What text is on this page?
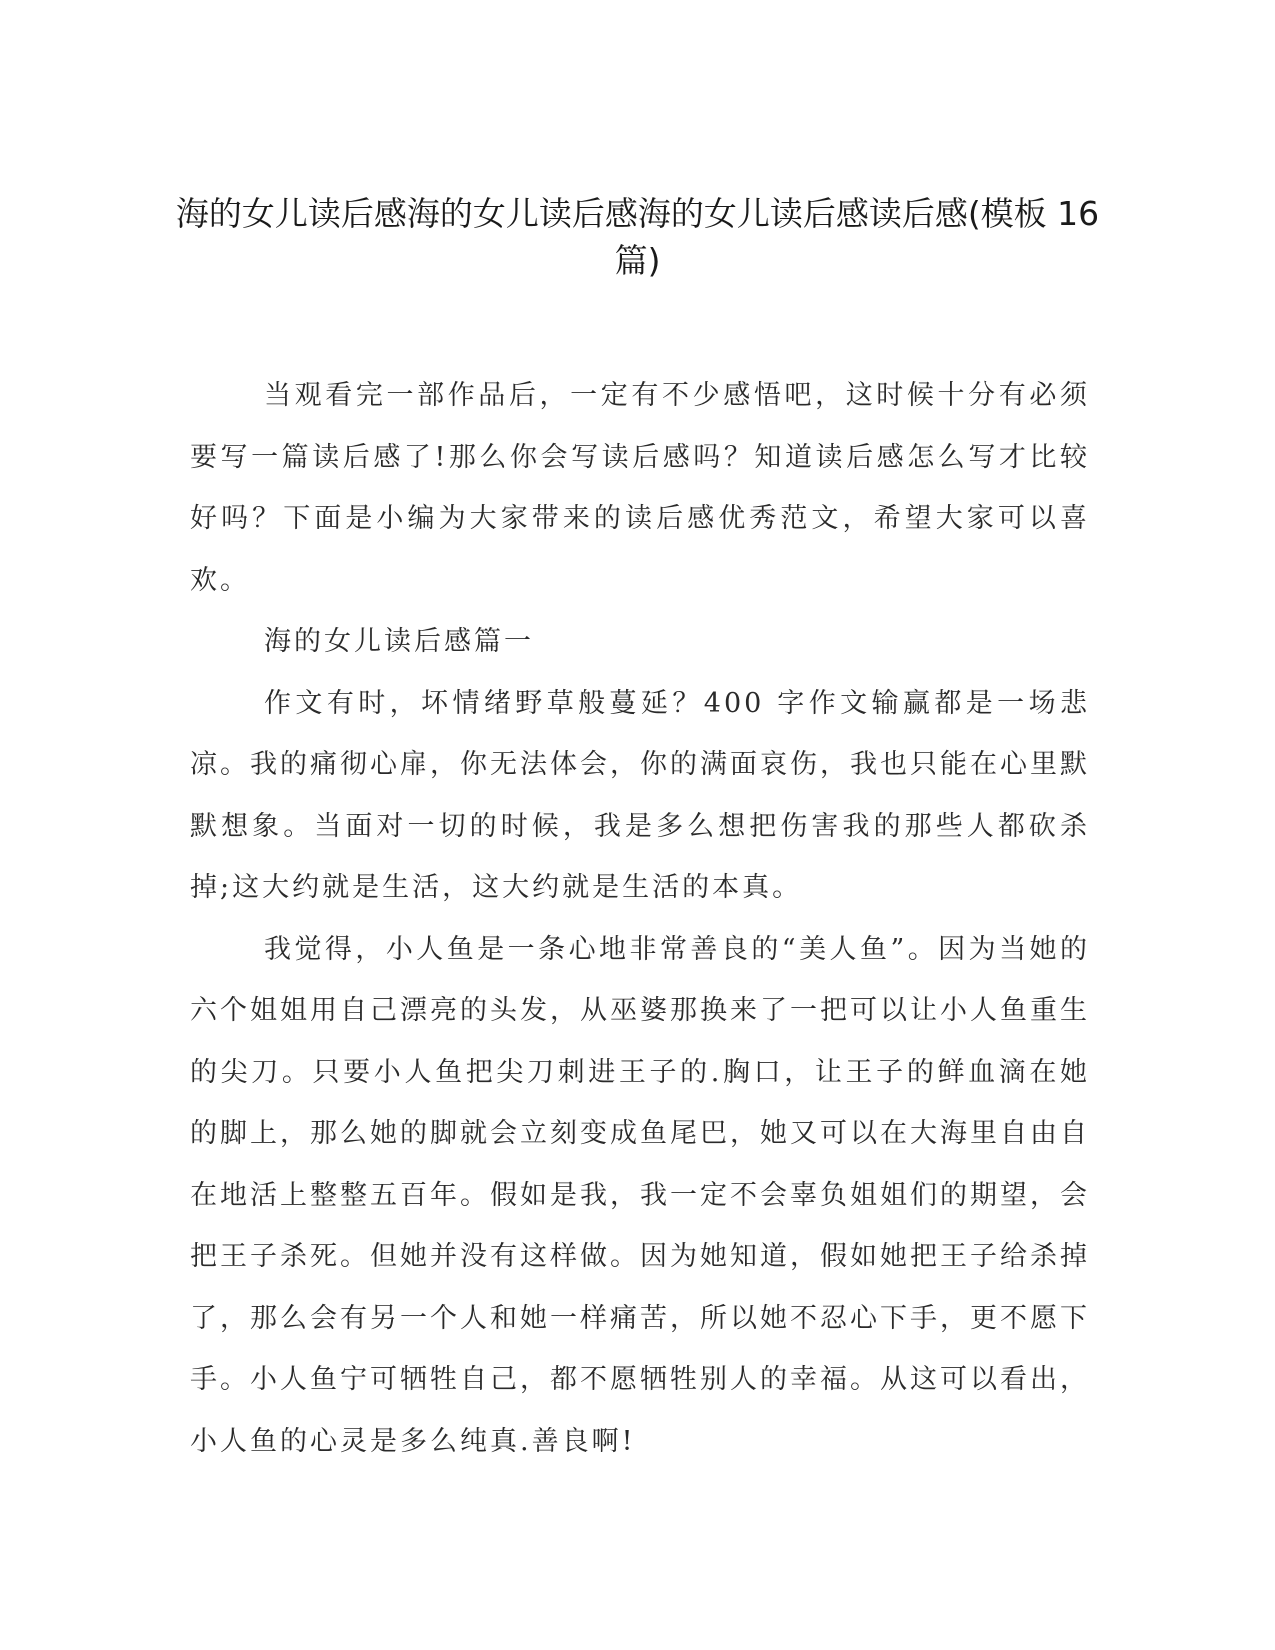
海的女儿读后感海的女儿读后感海的女儿读后感读后感(模板 16 篇)

当观看完一部作品后，一定有不少感悟吧，这时候十分有必须要写一篇读后感了!那么你会写读后感吗？知道读后感怎么写才比较好吗？下面是小编为大家带来的读后感优秀范文，希望大家可以喜欢。

海的女儿读后感篇一

作文有时，坏情绪野草般蔓延？400 字作文输赢都是一场悲凉。我的痛彻心扉，你无法体会，你的满面哀伤，我也只能在心里默默想象。当面对一切的时候，我是多么想把伤害我的那些人都砍杀掉;这大约就是生活，这大约就是生活的本真。

我觉得，小人鱼是一条心地非常善良的“美人鱼”。因为当她的六个姐姐用自己漂亮的头发，从巫婆那换来了一把可以让小人鱼重生的尖刀。只要小人鱼把尖刀刺进王子的.胸口，让王子的鲜血滴在她的脚上，那么她的脚就会立刻变成鱼尾巴，她又可以在大海里自由自在地活上整整五百年。假如是我，我一定不会辜负姐姐们的期望，会把王子杀死。但她并没有这样做。因为她知道，假如她把王子给杀掉了，那么会有另一个人和她一样痛苦，所以她不忍心下手，更不愿下手。小人鱼宁可牺牲自己，都不愿牺牲别人的幸福。从这可以看出，小人鱼的心灵是多么纯真.善良啊!
